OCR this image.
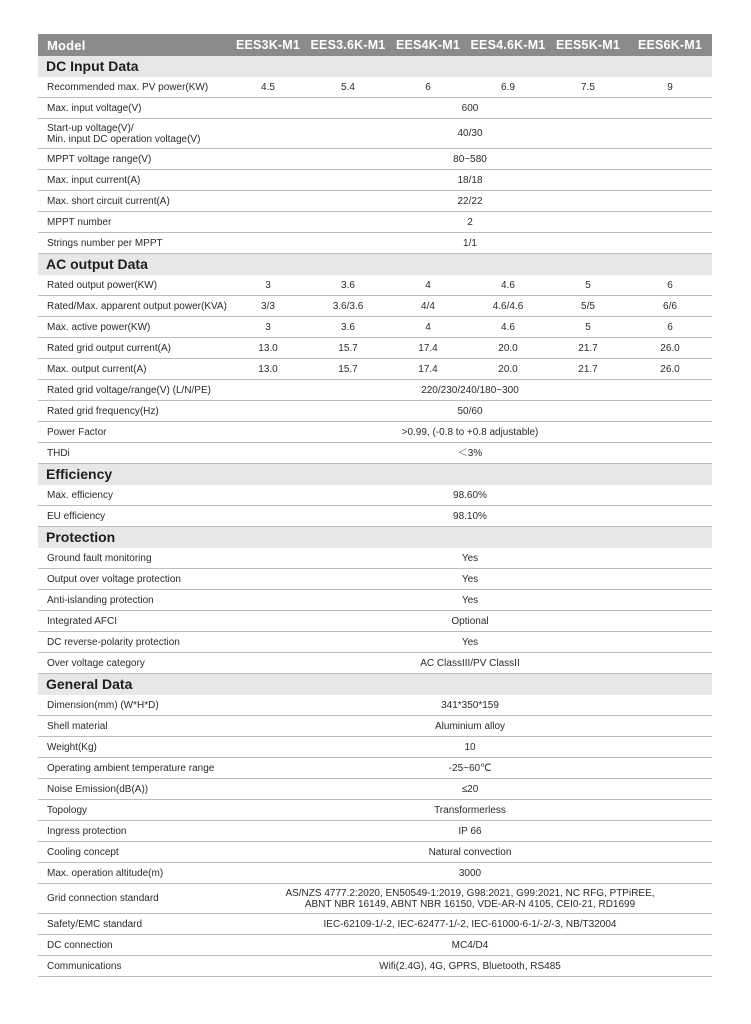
Model	EES3K-M1	EES3.6K-M1	EES4K-M1	EES4.6K-M1	EES5K-M1	EES6K-M1
DC Input Data						
Recommended max. PV power(KW)	4.5	5.4	6	6.9	7.5	9
Max. input voltage(V)	600					
Start-up voltage(V)/
Min. input DC operation voltage(V)	40/30					
MPPT voltage range(V)	80~580					
Max. input current(A)	18/18					
Max. short circuit current(A)	22/22					
MPPT number	2					
Strings number per MPPT	1/1					
AC output Data						
Rated output power(KW)	3	3.6	4	4.6	5	6
Rated/Max. apparent output power(KVA)	3/3	3.6/3.6	4/4	4.6/4.6	5/5	6/6
Max. active power(KW)	3	3.6	4	4.6	5	6
Rated grid output current(A)	13.0	15.7	17.4	20.0	21.7	26.0
Max. output current(A)	13.0	15.7	17.4	20.0	21.7	26.0
Rated grid voltage/range(V) (L/N/PE)	220/230/240/180~300					
Rated grid frequency(Hz)	50/60					
Power Factor	>0.99, (-0.8 to +0.8 adjustable)					
THDi	＜3%					
Efficiency						
Max. efficiency	98.60%					
EU efficiency	98.10%					
Protection						
Ground fault monitoring	Yes					
Output over voltage protection	Yes					
Anti-islanding protection	Yes					
Integrated AFCI	Optional					
DC reverse-polarity protection	Yes					
Over voltage category	AC ClassIII/PV ClassII					
General Data						
Dimension(mm) (W*H*D)	341*350*159					
Shell material	Aluminium alloy					
Weight(Kg)	10					
Operating ambient temperature range	-25~60℃					
Noise Emission(dB(A))	≤20					
Topology	Transformerless					
Ingress protection	IP 66					
Cooling concept	Natural convection					
Max. operation altitude(m)	3000					
Grid connection standard	AS/NZS 4777.2:2020, EN50549-1:2019, G98:2021, G99:2021, NC RFG, PTPiREE,
ABNT NBR 16149, ABNT NBR 16150, VDE-AR-N 4105, CEI0-21, RD1699					
Safety/EMC standard	IEC-62109-1/-2, IEC-62477-1/-2, IEC-61000-6-1/-2/-3, NB/T32004					
DC connection	MC4/D4					
Communications	Wifi(2.4G), 4G, GPRS, Bluetooth, RS485					
